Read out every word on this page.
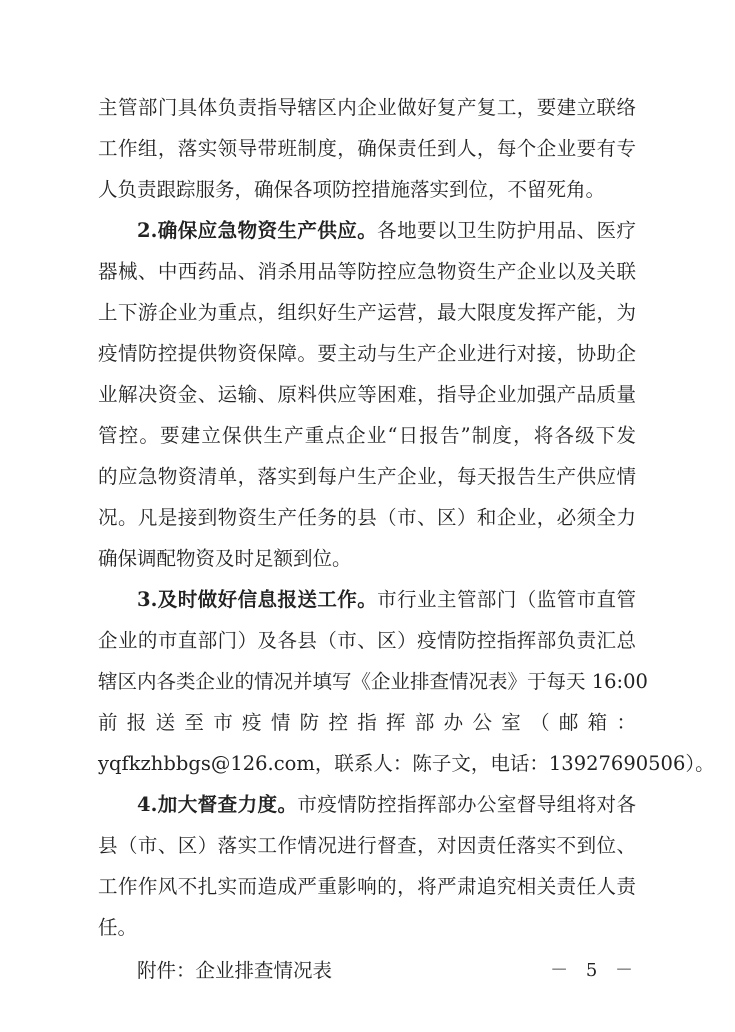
主管部门具体负责指导辖区内企业做好复产复工，要建立联络
工作组，落实领导带班制度，确保责任到人，每个企业要有专
人负责跟踪服务，确保各项防控措施落实到位，不留死角。
2.确保应急物资生产供应。各地要以卫生防护用品、医疗
器械、中西药品、消杀用品等防控应急物资生产企业以及关联
上下游企业为重点，组织好生产运营，最大限度发挥产能，为
疫情防控提供物资保障。要主动与生产企业进行对接，协助企
业解决资金、运输、原料供应等困难，指导企业加强产品质量
管控。要建立保供生产重点企业“日报告”制度，将各级下发
的应急物资清单，落实到每户生产企业，每天报告生产供应情
况。凡是接到物资生产任务的县（市、区）和企业，必须全力
确保调配物资及时足额到位。
3.及时做好信息报送工作。市行业主管部门（监管市直管
企业的市直部门）及各县（市、区）疫情防控指挥部负责汇总
辖区内各类企业的情况并填写《企业排查情况表》于每天 16:00
前报送至市疫情防控指挥部办公室（邮箱：
yqfkzhbbgs@126.com，联系人：陈子文，电话：13927690506）。
4.加大督查力度。市疫情防控指挥部办公室督导组将对各
县（市、区）落实工作情况进行督查，对因责任落实不到位、
工作作风不扎实而造成严重影响的，将严肃追究相关责任人责
任。
附件：企业排查情况表	－ 5 －
